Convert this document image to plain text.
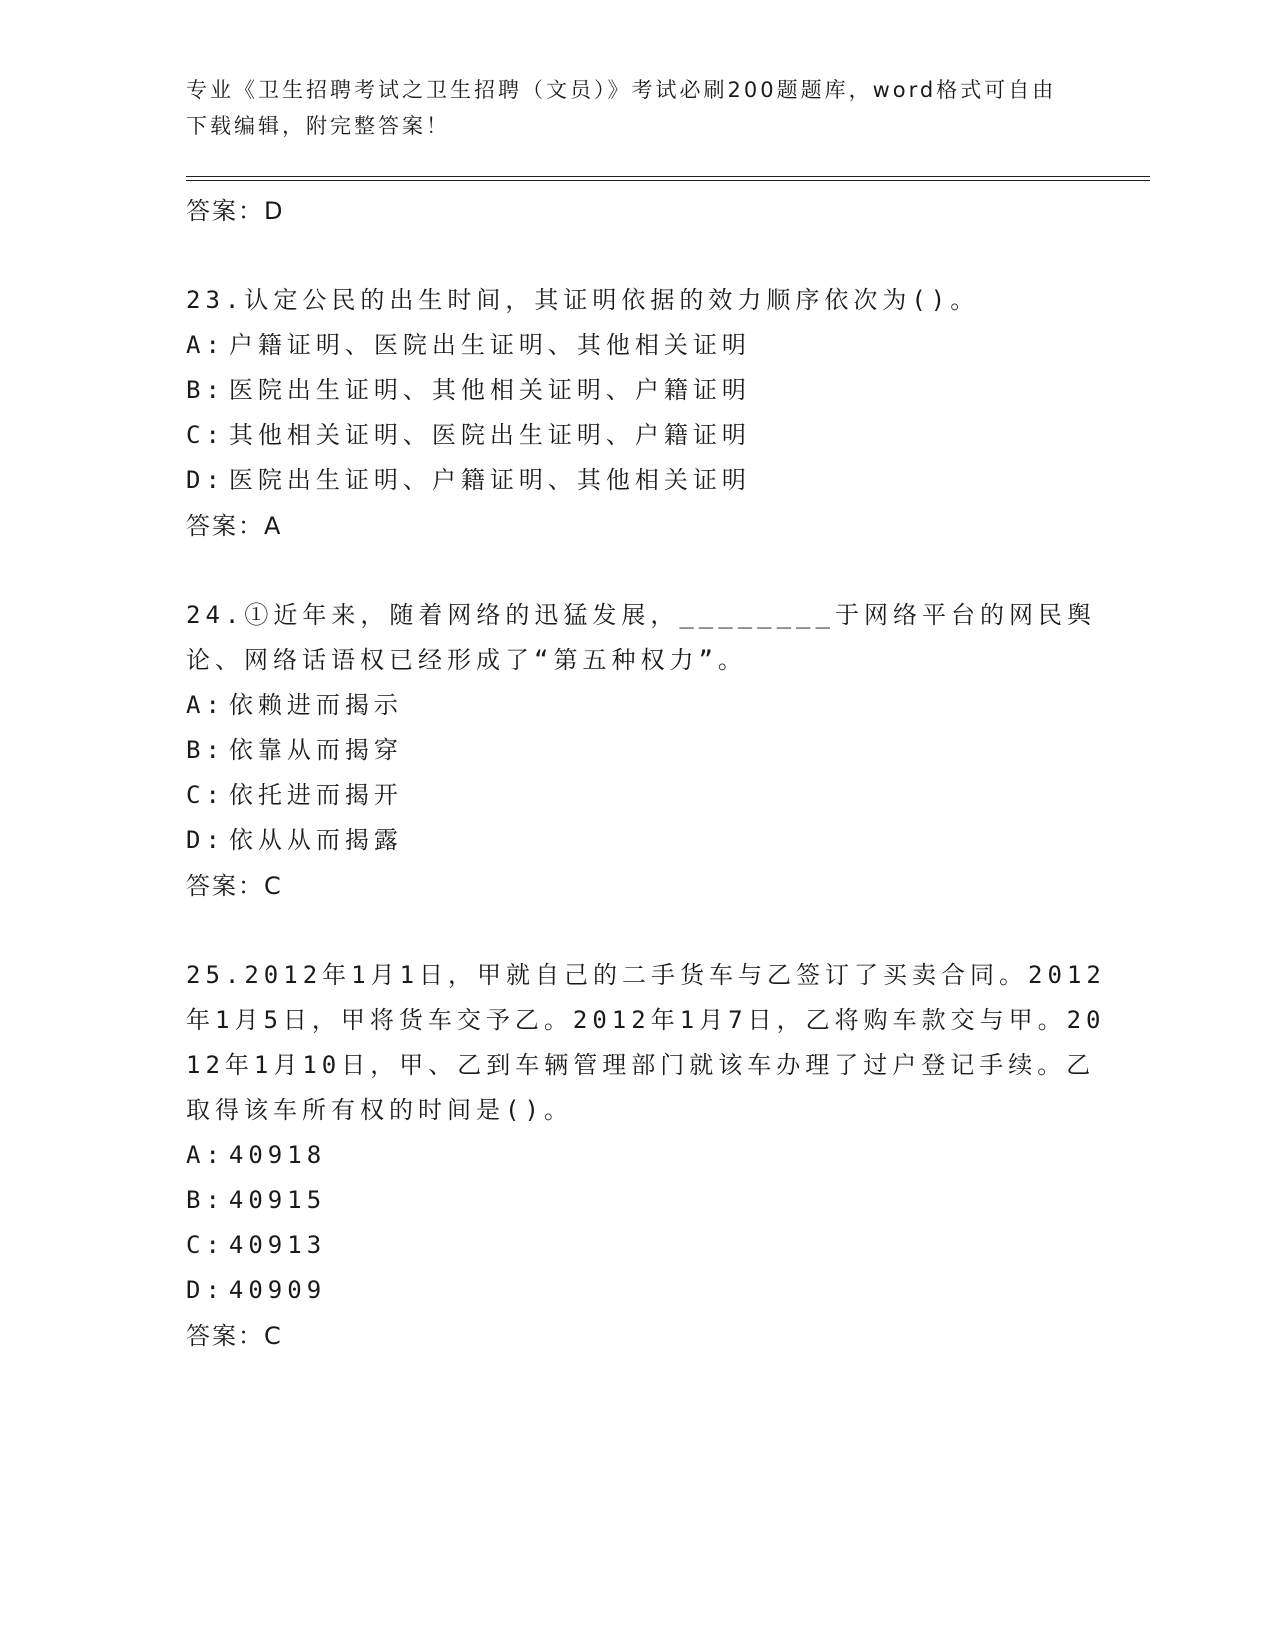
专业《卫生招聘考试之卫生招聘（文员）》考试必刷200题题库，word格式可自由下载编辑，附完整答案！
答案：D
23.认定公民的出生时间，其证明依据的效力顺序依次为()。
A: 户籍证明、医院出生证明、其他相关证明
B: 医院出生证明、其他相关证明、户籍证明
C: 其他相关证明、医院出生证明、户籍证明
D: 医院出生证明、户籍证明、其他相关证明
答案：A
24.①近年来，随着网络的迅猛发展，________于网络平台的网民舆论、网络话语权已经形成了“第五种权力”。
A: 依赖进而揭示
B: 依靠从而揭穿
C: 依托进而揭开
D: 依从从而揭露
答案：C
25.2012年1月1日，甲就自己的二手货车与乙签订了买卖合同。2012年1月5日，甲将货车交予乙。2012年1月7日，乙将购车款交与甲。2012年1月10日，甲、乙到车辆管理部门就该车办理了过户登记手续。乙取得该车所有权的时间是()。
A: 40918
B: 40915
C: 40913
D: 40909
答案：C
